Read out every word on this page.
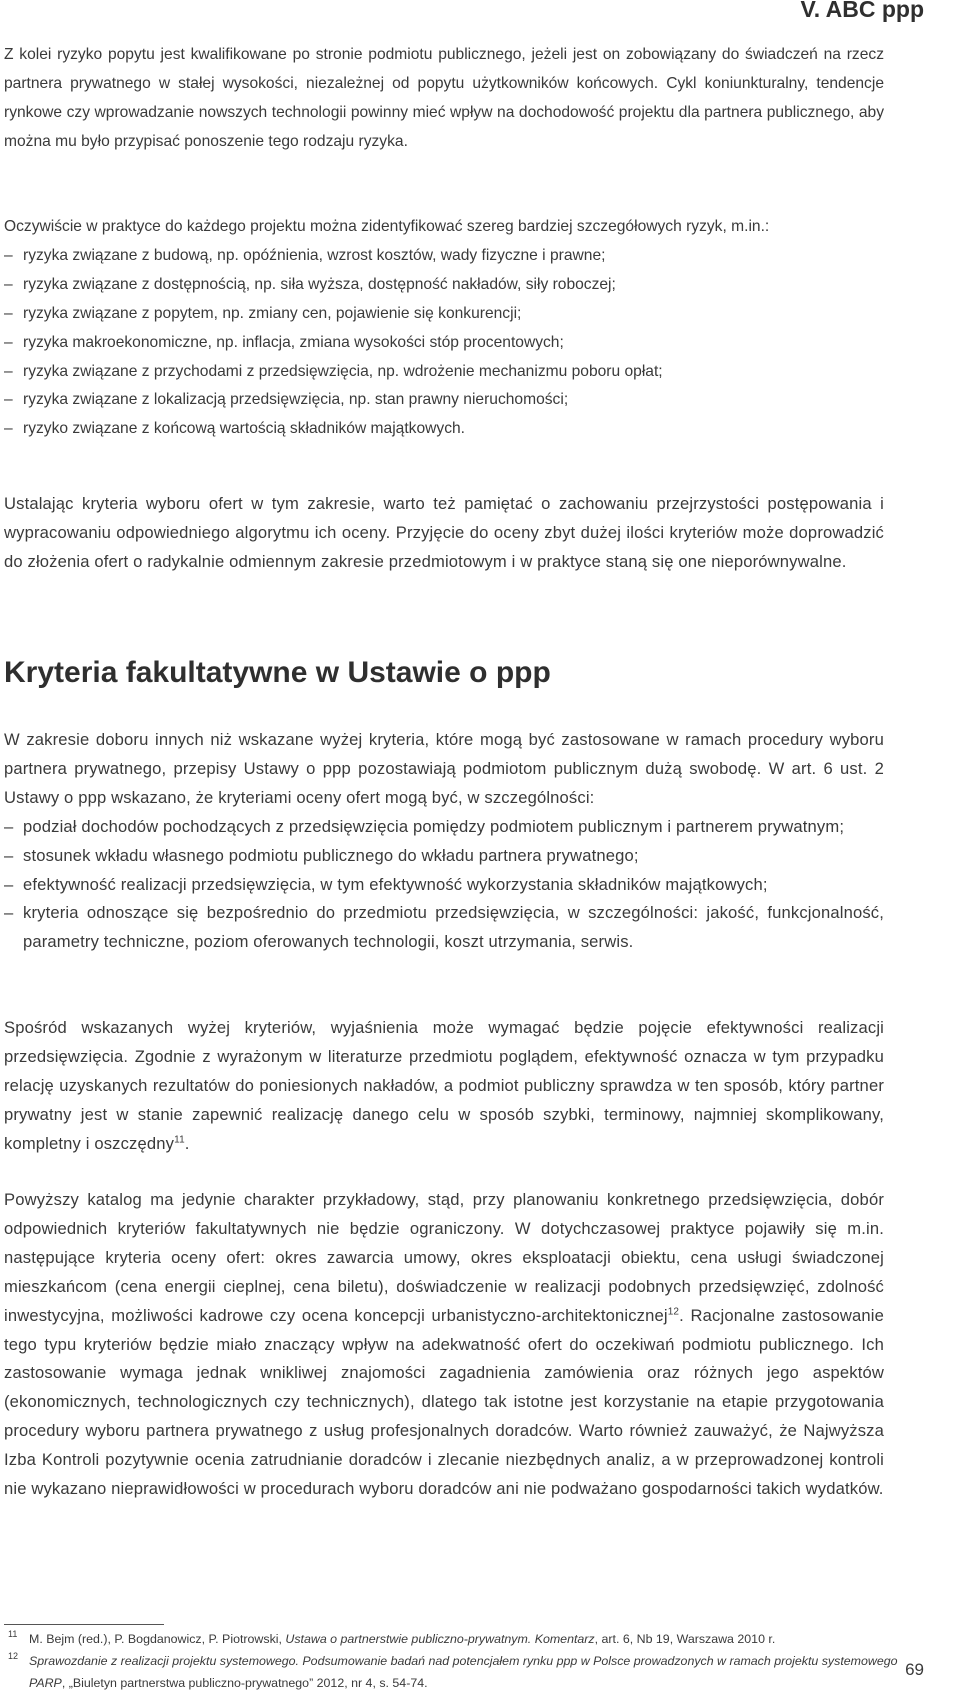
V. ABC ppp

Z kolei ryzyko popytu jest kwalifikowane po stronie podmiotu publicznego, jeżeli jest on zobowiązany do świadczeń na rzecz partnera prywatnego w stałej wysokości, niezależnej od popytu użytkowników końcowych. Cykl koniunkturalny, tendencje rynkowe czy wprowadzanie nowszych technologii powinny mieć wpływ na dochodowość projektu dla partnera publicznego, aby można mu było przypisać ponoszenie tego rodzaju ryzyka.

Oczywiście w praktyce do każdego projektu można zidentyfikować szereg bardziej szczegółowych ryzyk, m.in.:

– ryzyka związane z budową, np. opóźnienia, wzrost kosztów, wady fizyczne i prawne;
– ryzyka związane z dostępnością, np. siła wyższa, dostępność nakładów, siły roboczej;
– ryzyka związane z popytem, np. zmiany cen, pojawienie się konkurencji;
– ryzyka makroekonomiczne, np. inflacja, zmiana wysokości stóp procentowych;
– ryzyka związane z przychodami z przedsięwzięcia, np. wdrożenie mechanizmu poboru opłat;
– ryzyka związane z lokalizacją przedsięwzięcia, np. stan prawny nieruchomości;
– ryzyko związane z końcową wartością składników majątkowych.

Ustalając kryteria wyboru ofert w tym zakresie, warto też pamiętać o zachowaniu przejrzystości postępowania i wypracowaniu odpowiedniego algorytmu ich oceny. Przyjęcie do oceny zbyt dużej ilości kryteriów może doprowadzić do złożenia ofert o radykalnie odmiennym zakresie przedmiotowym i w praktyce staną się one nieporównywalne.

Kryteria fakultatywne w Ustawie o ppp

W zakresie doboru innych niż wskazane wyżej kryteria, które mogą być zastosowane w ramach procedury wyboru partnera prywatnego, przepisy Ustawy o ppp pozostawiają podmiotom publicznym dużą swobodę. W art. 6 ust. 2 Ustawy o ppp wskazano, że kryteriami oceny ofert mogą być, w szczególności:

– podział dochodów pochodzących z przedsięwzięcia pomiędzy podmiotem publicznym i partnerem prywatnym;
– stosunek wkładu własnego podmiotu publicznego do wkładu partnera prywatnego;
– efektywność realizacji przedsięwzięcia, w tym efektywność wykorzystania składników majątkowych;
– kryteria odnoszące się bezpośrednio do przedmiotu przedsięwzięcia, w szczególności: jakość, funkcjonalność, parametry techniczne, poziom oferowanych technologii, koszt utrzymania, serwis.

Spośród wskazanych wyżej kryteriów, wyjaśnienia może wymagać będzie pojęcie efektywności realizacji przedsięwzięcia. Zgodnie z wyrażonym w literaturze przedmiotu poglądem, efektywność oznacza w tym przypadku relację uzyskanych rezultatów do poniesionych nakładów, a podmiot publiczny sprawdza w ten sposób, który partner prywatny jest w stanie zapewnić realizację danego celu w sposób szybki, terminowy, najmniej skomplikowany, kompletny i oszczędny$^{11}$.

Powyższy katalog ma jedynie charakter przykładowy, stąd, przy planowaniu konkretnego przedsięwzięcia, dobór odpowiednich kryteriów fakultatywnych nie będzie ograniczony. W dotychczasowej praktyce pojawiły się m.in. następujące kryteria oceny ofert: okres zawarcia umowy, okres eksploatacji obiektu, cena usługi świadczonej mieszkańcom (cena energii cieplnej, cena biletu), doświadczenie w realizacji podobnych przedsięwzięć, zdolność inwestycyjna, możliwości kadrowe czy ocena koncepcji urbanistyczno-architektonicznej$^{12}$. Racjonalne zastosowanie tego typu kryteriów będzie miało znaczący wpływ na adekwatność ofert do oczekiwań podmiotu publicznego. Ich zastosowanie wymaga jednak wnikliwej znajomości zagadnienia zamówienia oraz różnych jego aspektów (ekonomicznych, technologicznych czy technicznych), dlatego tak istotne jest korzystanie na etapie przygotowania procedury wyboru partnera prywatnego z usług profesjonalnych doradców. Warto również zauważyć, że Najwyższa Izba Kontroli pozytywnie ocenia zatrudnianie doradców i zlecanie niezbędnych analiz, a w przeprowadzonej kontroli nie wykazano nieprawidłowości w procedurach wyboru doradców ani nie podważano gospodarności takich wydatków.

11 M. Bejm (red.), P. Bogdanowicz, P. Piotrowski, Ustawa o partnerstwie publiczno-prywatnym. Komentarz, art. 6, Nb 19, Warszawa 2010 r.
12 Sprawozdanie z realizacji projektu systemowego. Podsumowanie badań nad potencjałem rynku ppp w Polsce prowadzonych w ramach projektu systemowego PARP, „Biuletyn partnerstwa publiczno-prywatnego” 2012, nr 4, s. 54-74.
69
